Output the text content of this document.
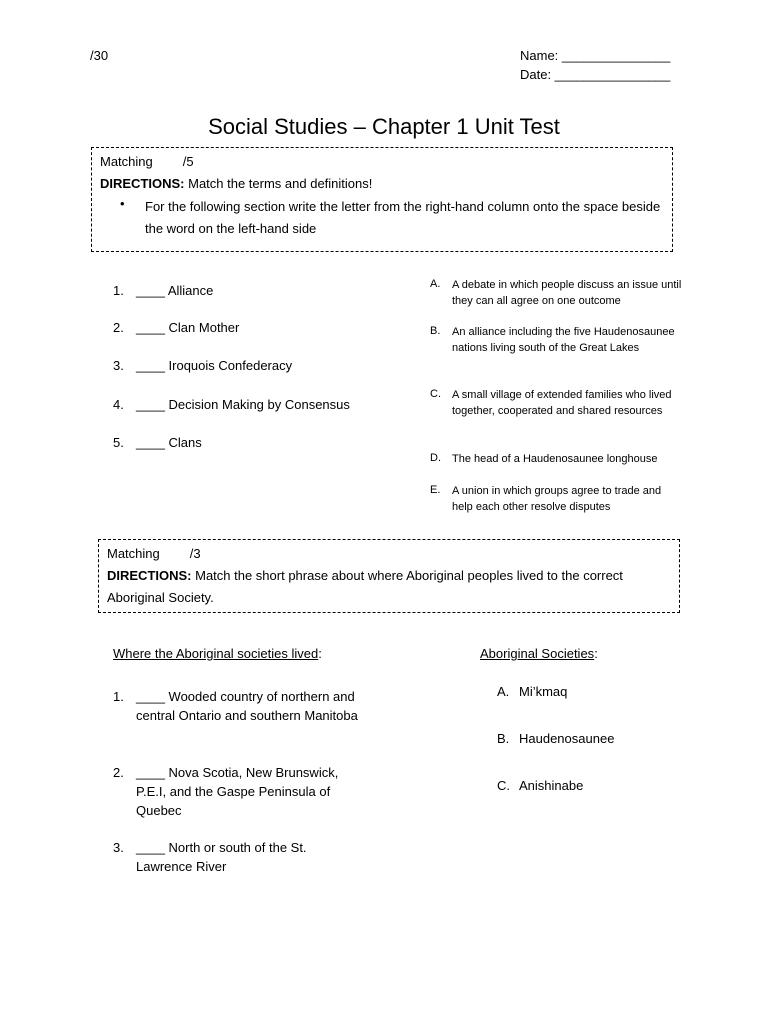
/30	Name: _______________
Date: ________________
Social Studies – Chapter 1 Unit Test
Matching /5
DIRECTIONS: Match the terms and definitions!
• For the following section write the letter from the right-hand column onto the space beside the word on the left-hand side
1. ____ Alliance
2. ____ Clan Mother
3. ____ Iroquois Confederacy
4. ____ Decision Making by Consensus
5. ____ Clans
A. A debate in which people discuss an issue until they can all agree on one outcome
B. An alliance including the five Haudenosaunee nations living south of the Great Lakes
C. A small village of extended families who lived together, cooperated and shared resources
D. The head of a Haudenosaunee longhouse
E. A union in which groups agree to trade and help each other resolve disputes
Matching /3
DIRECTIONS: Match the short phrase about where Aboriginal peoples lived to the correct Aboriginal Society.
Where the Aboriginal societies lived:	Aboriginal Societies:
1. ____ Wooded country of northern and central Ontario and southern Manitoba
2. ____ Nova Scotia, New Brunswick, P.E.I, and the Gaspe Peninsula of Quebec
3. ____ North or south of the St. Lawrence River
A. Mi’kmaq
B. Haudenosaunee
C. Anishinabe
